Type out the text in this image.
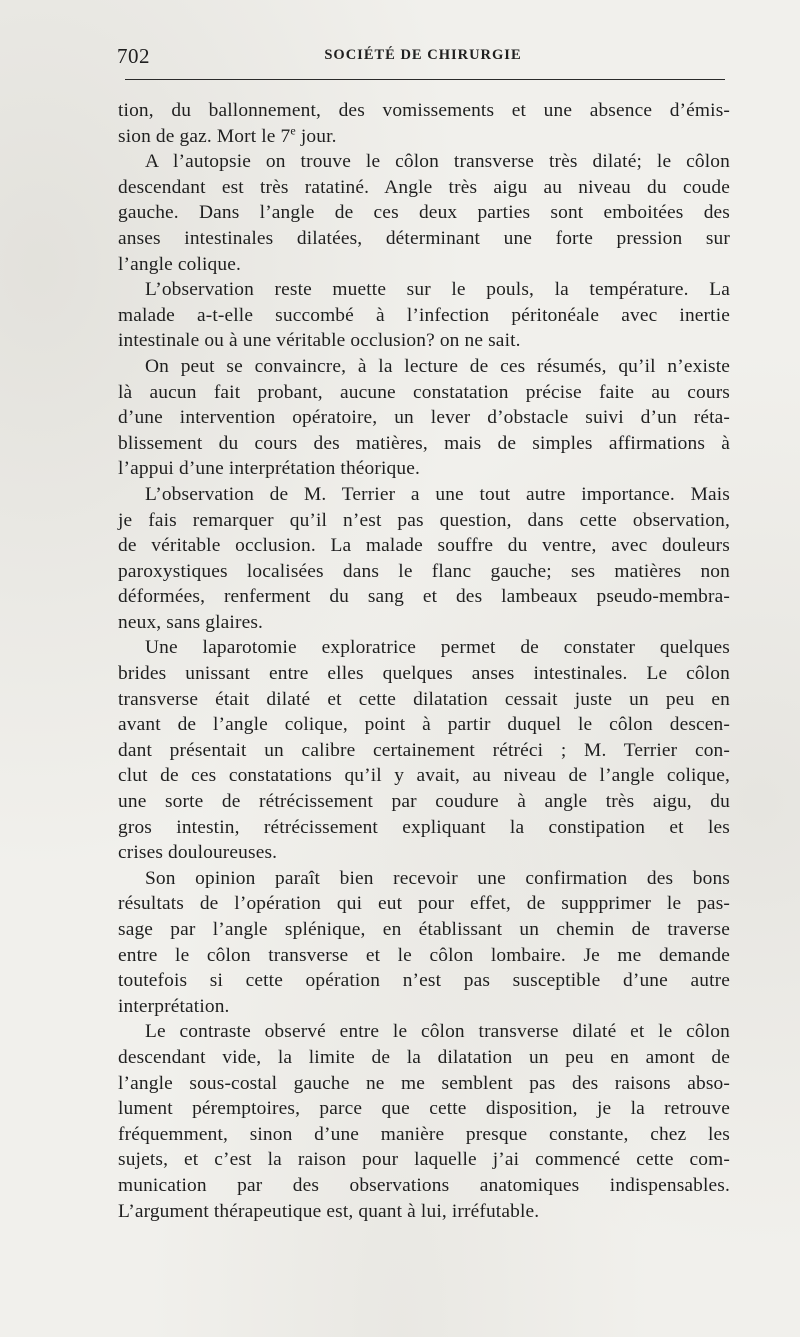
702	SOCIÉTÉ DE CHIRURGIE
tion, du ballonnement, des vomissements et une absence d’émis-
sion de gaz. Mort le 7e jour.
A l’autopsie on trouve le côlon transverse très dilaté; le côlon
descendant est très ratatiné. Angle très aigu au niveau du coude
gauche. Dans l’angle de ces deux parties sont emboitées des
anses intestinales dilatées, déterminant une forte pression sur
l’angle colique.
L’observation reste muette sur le pouls, la température. La
malade a-t-elle succombé à l’infection péritonéale avec inertie
intestinale ou à une véritable occlusion? on ne sait.
On peut se convaincre, à la lecture de ces résumés, qu’il n’existe
là aucun fait probant, aucune constatation précise faite au cours
d’une intervention opératoire, un lever d’obstacle suivi d’un réta-
blissement du cours des matières, mais de simples affirmations à
l’appui d’une interprétation théorique.
L’observation de M. Terrier a une tout autre importance. Mais
je fais remarquer qu’il n’est pas question, dans cette observation,
de véritable occlusion. La malade souffre du ventre, avec douleurs
paroxystiques localisées dans le flanc gauche; ses matières non
déformées, renferment du sang et des lambeaux pseudo-membra-
neux, sans glaires.
Une laparotomie exploratrice permet de constater quelques
brides unissant entre elles quelques anses intestinales. Le côlon
transverse était dilaté et cette dilatation cessait juste un peu en
avant de l’angle colique, point à partir duquel le côlon descen-
dant présentait un calibre certainement rétréci ; M. Terrier con-
clut de ces constatations qu’il y avait, au niveau de l’angle colique,
une sorte de rétrécissement par coudure à angle très aigu, du
gros intestin, rétrécissement expliquant la constipation et les
crises douloureuses.
Son opinion paraît bien recevoir une confirmation des bons
résultats de l’opération qui eut pour effet, de suppprimer le pas-
sage par l’angle splénique, en établissant un chemin de traverse
entre le côlon transverse et le côlon lombaire. Je me demande
toutefois si cette opération n’est pas susceptible d’une autre
interprétation.
Le contraste observé entre le côlon transverse dilaté et le côlon
descendant vide, la limite de la dilatation un peu en amont de
l’angle sous-costal gauche ne me semblent pas des raisons abso-
lument péremptoires, parce que cette disposition, je la retrouve
fréquemment, sinon d’une manière presque constante, chez les
sujets, et c’est la raison pour laquelle j’ai commencé cette com-
munication par des observations anatomiques indispensables.
L’argument thérapeutique est, quant à lui, irréfutable.
